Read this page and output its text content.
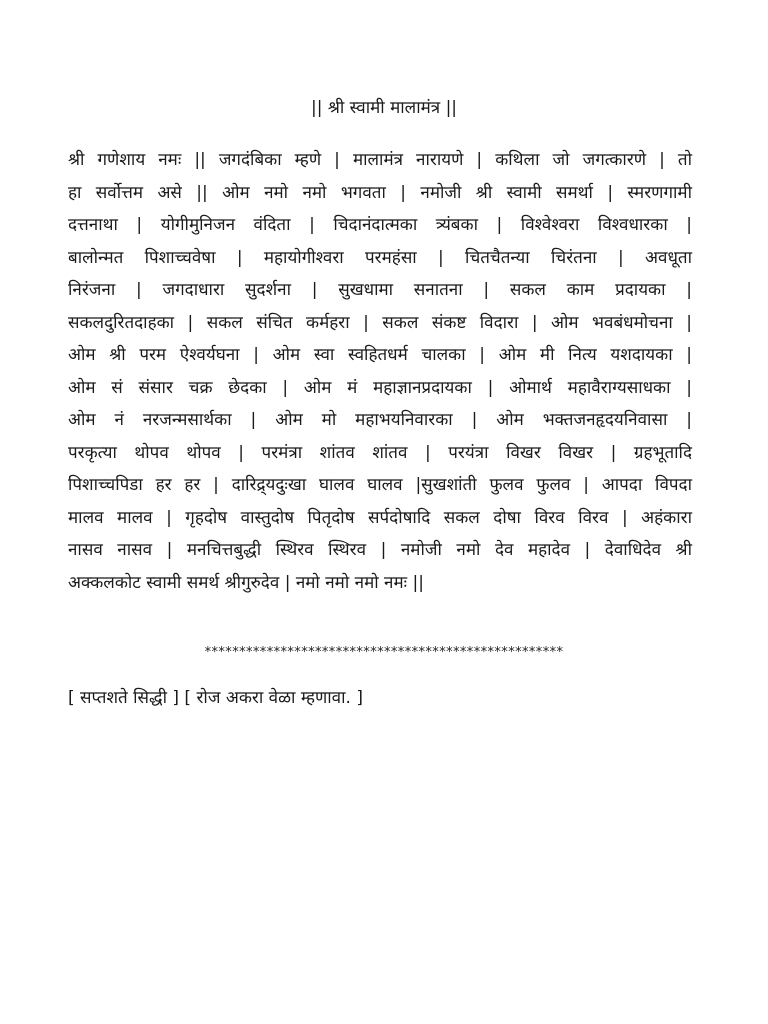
|| श्री स्वामी मालामंत्र ||
श्री गणेशाय नमः || जगदंबिका म्हणे | मालामंत्र नारायणे | कथिला जो जगत्कारणे | तो
हा सर्वोत्तम असे || ओम नमो नमो भगवता | नमोजी श्री स्वामी समर्था | स्मरणगामी
दत्तनाथा | योगीमुनिजन वंदिता | चिदानंदात्मका त्र्यंबका | विश्वेश्वरा विश्वधारका |
बालोन्मत पिशाच्चवेषा | महायोगीश्वरा परमहंसा | चितचैतन्या चिरंतना | अवधूता
निरंजना | जगदाधारा सुदर्शना | सुखधामा सनातना | सकल काम प्रदायका |
सकलदुरितदाहका | सकल संचित कर्महरा | सकल संकष्ट विदारा | ओम भवबंधमोचना |
ओम श्री परम ऐश्वर्यघना | ओम स्वा स्वहितधर्म चालका | ओम मी नित्य यशदायका |
ओम सं संसार चक्र छेदका | ओम मं महाज्ञानप्रदायका | ओमार्थ महावैराग्यसाधका |
ओम नं नरजन्मसार्थका | ओम मो महाभयनिवारका | ओम भक्तजनहृदयनिवासा |
परकृत्या थोपव थोपव | परमंत्रा शांतव शांतव | परयंत्रा विखर विखर | ग्रहभूतादि
पिशाच्चपिडा हर हर | दारिद्र्यदुःखा घालव घालव |सुखशांती फुलव फुलव | आपदा विपदा
मालव मालव | गृहदोष वास्तुदोष पितृदोष सर्पदोषादि सकल दोषा विरव विरव | अहंकारा
नासव नासव | मनचित्तबुद्धी स्थिरव स्थिरव | नमोजी नमो देव महादेव | देवाधिदेव श्री
अक्कलकोट स्वामी समर्थ श्रीगुरुदेव | नमो नमो नमो नमः ||
****************************************************
[ सप्तशते सिद्धी ] [ रोज अकरा वेळा म्हणावा. ]
